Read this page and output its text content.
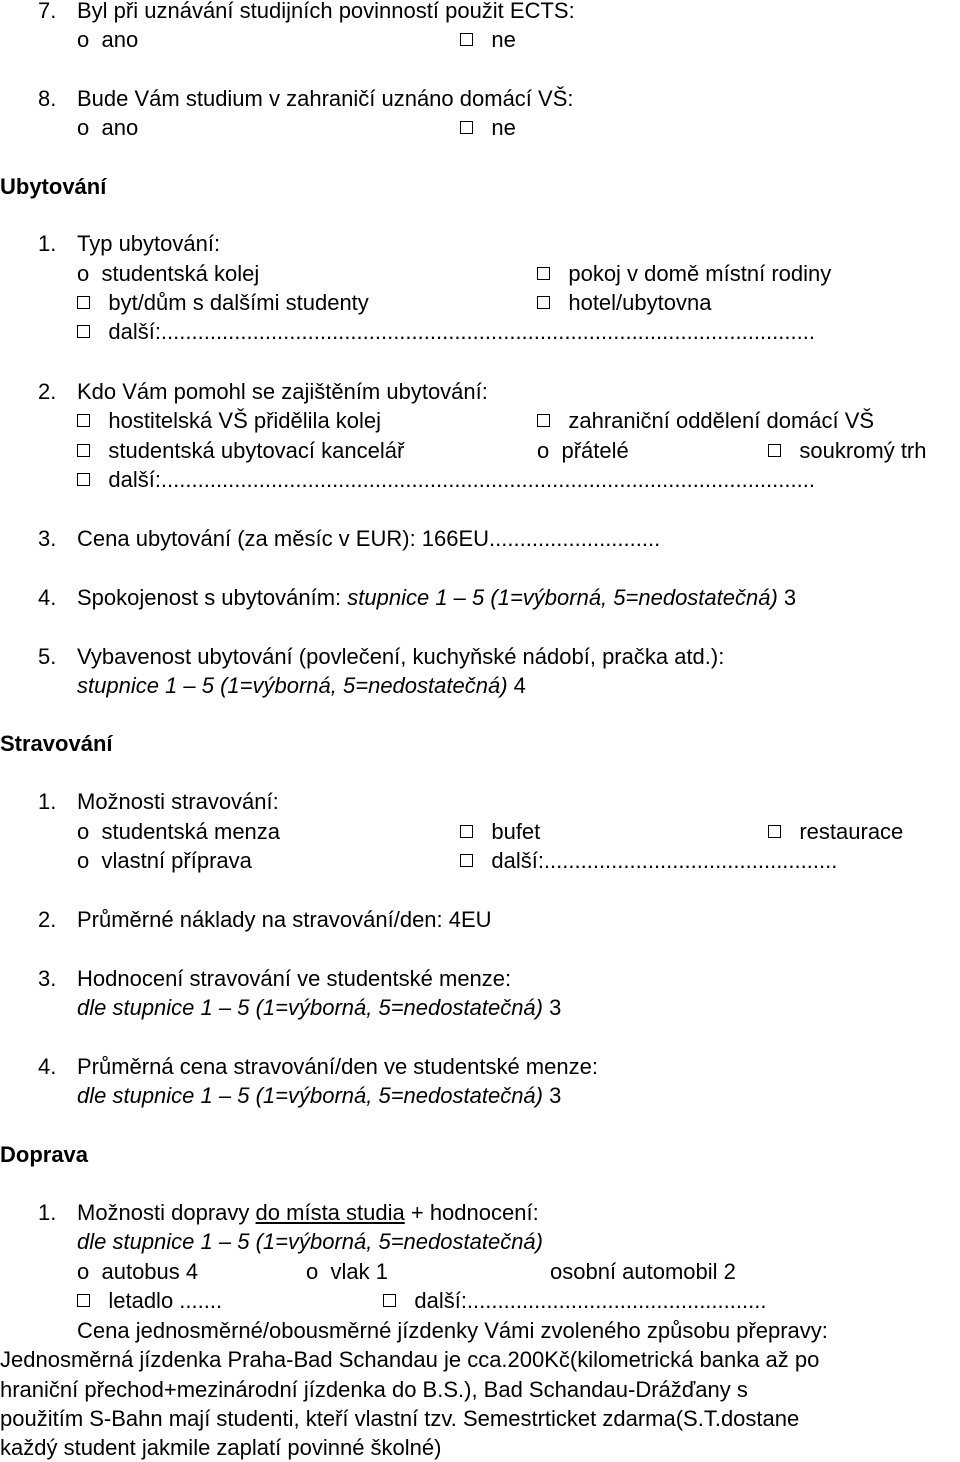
7. Byl při uznávání studijních povinností použit ECTS:
o ano	ne
8. Bude Vám studium v zahraničí uznáno domácí VŠ:
o ano	ne
Ubytování
1. Typ ubytování:
o studentská kolej	pokoj v domě místní rodiny
byt/dům s dalšími studenty	hotel/ubytovna
další:...........................................................................................................
2. Kdo Vám pomohl se zajištěním ubytování:
hostitelská VŠ přidělila kolej	zahraniční oddělení domácí VŠ
studentská ubytovací kancelář	o přátelé	soukromý trh
další:...........................................................................................................
3. Cena ubytování (za měsíc v EUR): 166EU............................
4. Spokojenost s ubytováním: stupnice 1 – 5 (1=výborná, 5=nedostatečná) 3
5. Vybavenost ubytování (povlečení, kuchyňské nádobí, pračka atd.):
stupnice 1 – 5 (1=výborná, 5=nedostatečná) 4
Stravování
1. Možnosti stravování:
o studentská menza	bufet	restaurace
o vlastní příprava	další:................................................
2. Průměrné náklady na stravování/den: 4EU
3. Hodnocení stravování ve studentské menze:
dle stupnice 1 – 5 (1=výborná, 5=nedostatečná) 3
4. Průměrná cena stravování/den ve studentské menze:
dle stupnice 1 – 5 (1=výborná, 5=nedostatečná) 3
Doprava
1. Možnosti dopravy do místa studia + hodnocení:
dle stupnice 1 – 5 (1=výborná, 5=nedostatečná)
o autobus 4	o vlak 1	osobní automobil 2
letadlo .......	další:.................................................
Cena jednosměrné/obousměrné jízdenky Vámi zvoleného způsobu přepravy:
Jednosměrná jízdenka Praha-Bad Schandau je cca.200Kč(kilometrická banka až po
hraniční přechod+mezinárodní jízdenka do B.S.), Bad Schandau-Drážďany s
použitím S-Bahn mají studenti, kteří vlastní tzv. Semestrticket zdarma(S.T.dostane
každý student jakmile zaplatí povinné školné)
